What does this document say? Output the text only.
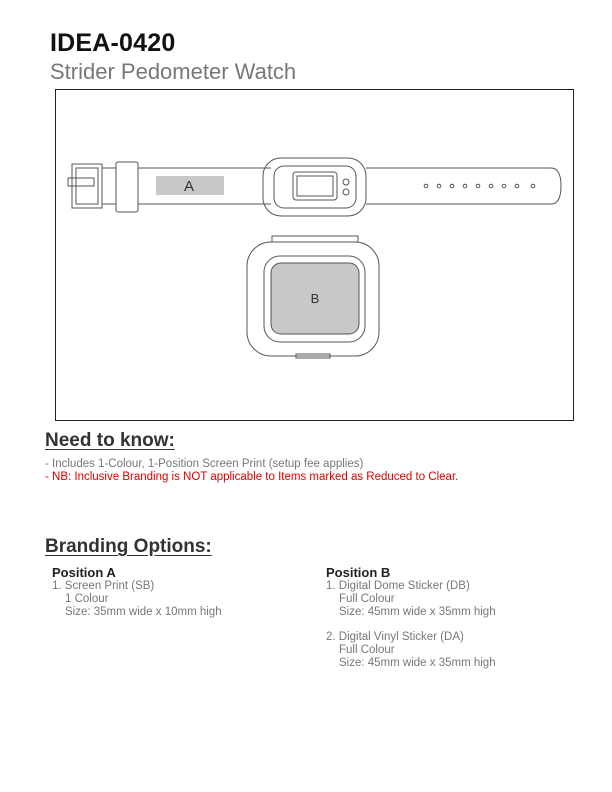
IDEA-0420
Strider Pedometer Watch
A
B
Need to know:
- Includes 1-Colour, 1-Position Screen Print (setup fee applies)
- NB: Inclusive Branding is NOT applicable to Items marked as Reduced to Clear.
Branding Options:
Position A
1. Screen Print (SB)
1 Colour
Size: 35mm wide x 10mm high
Position B
1. Digital Dome Sticker (DB)
Full Colour
Size: 45mm wide x 35mm high
2. Digital Vinyl Sticker (DA)
Full Colour
Size: 45mm wide x 35mm high
